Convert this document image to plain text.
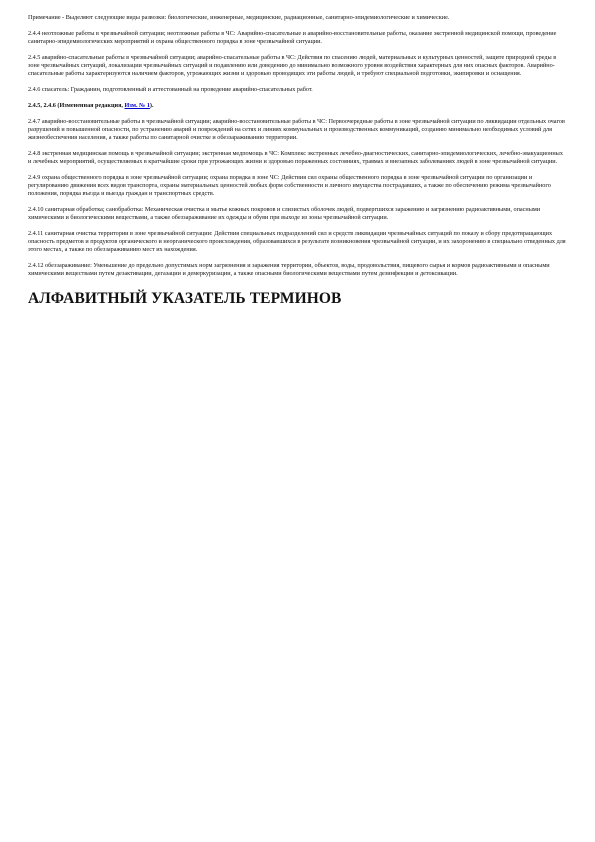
Примечание - Выделяют следующие виды развозки: биологические, инженерные, медицинские, радиационные, санитарно-эпидемиологические и химические.

2.4.4 неотложные работы в чрезвычайной ситуации; неотложные работы в ЧС: Аварийно-спасательные и аварийно-восстановительные работы, оказание экстренной медицинской помощи, проведение санитарно-эпидемиологических мероприятий и охрана общественного порядка в зоне чрезвычайной ситуации.

2.4.5 аварийно-спасательные работы в чрезвычайной ситуации; аварийно-спасательные работы в ЧС: Действия по спасению людей, материальных и культурных ценностей, защите природной среды в зоне чрезвычайных ситуаций, локализации чрезвычайных ситуаций и подавлению или доведению до минимально возможного уровня воздействия характерных для них опасных факторов. Аварийно-спасательные работы характеризуются наличием факторов, угрожающих жизни и здоровью проводящих эти работы людей, и требуют специальной подготовки, экипировки и оснащения.

2.4.6 спасатель: Гражданин, подготовленный и аттестованный на проведение аварийно-спасательных работ.

2.4.5, 2.4.6 (Измененная редакция, Изм. № 1).

2.4.7 аварийно-восстановительные работы в чрезвычайной ситуации; аварийно-восстановительные работы в ЧС: Первоочередные работы в зоне чрезвычайной ситуации по ликвидации отдельных очагов разрушений и повышенной опасности, по устранению аварий и повреждений на сетях и линиях коммунальных и производственных коммуникаций, созданию минимально необходимых условий для жизнеобеспечения населения, а также работы по санитарной очистке и обеззараживанию территории.

2.4.8 экстренная медицинская помощь в чрезвычайной ситуации; экстренная медпомощь в ЧС: Комплекс экстренных лечебно-диагностических, санитарно-эпидемиологических, лечебно-эвакуационных и лечебных мероприятий, осуществляемых в кратчайшие сроки при угрожающих жизни и здоровью пораженных состояниях, травмах и внезапных заболеваниях людей в зоне чрезвычайной ситуации.

2.4.9 охрана общественного порядка в зоне чрезвычайной ситуации; охрана порядка в зоне ЧС: Действия сил охраны общественного порядка в зоне чрезвычайной ситуации по организации и регулированию движения всех видов транспорта, охраны материальных ценностей любых форм собственности и личного имущества пострадавших, а также по обеспечению режима чрезвычайного положения, порядка въезда и выезда граждан и транспортных средств.

2.4.10 санитарная обработка; санобработка: Механическая очистка и мытье кожных покровов и слизистых оболочек людей, подвергшихся заражению и загрязнению радиоактивными, опасными химическими и биологическими веществами, а также обеззараживание их одежды и обуви при выходе из зоны чрезвычайной ситуации.

2.4.11 санитарная очистка территории в зоне чрезвычайной ситуации: Действия специальных подразделений сил и средств ликвидации чрезвычайных ситуаций по показу и сбору предотвращающих опасность предметов и продуктов органического и неорганического происхождения, образовавшихся в результате возникновения чрезвычайной ситуации, и их захоронению в специально отведенных для этого местах, а также по обеззараживанию мест их нахождения.

2.4.12 обеззараживание: Уменьшение до предельно допустимых норм загрязнения и заражения территории, объектов, воды, продовольствия, пищевого сырья и кормов радиоактивными и опасными химическими веществами путем дезактивации, дегазации и демеркуризации, а также опасными биологическими веществами путем дезинфекции и детоксикации.

АЛФАВИТНЫЙ УКАЗАТЕЛЬ ТЕРМИНОВ
